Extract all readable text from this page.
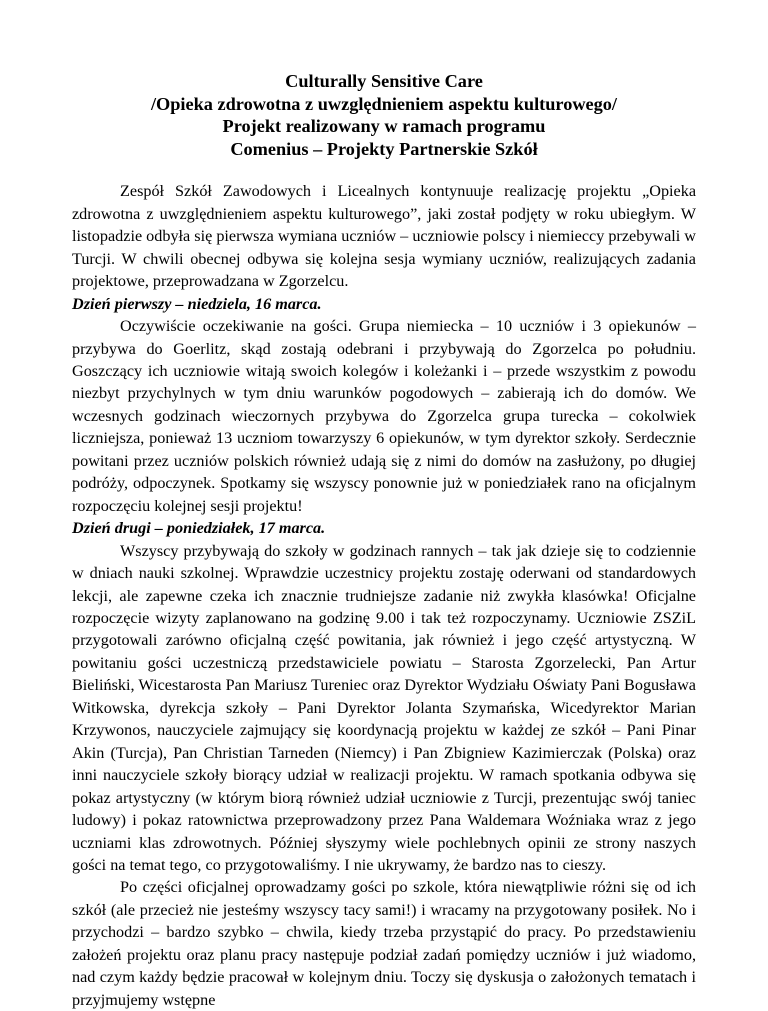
Culturally Sensitive Care
/Opieka zdrowotna z uwzględnieniem aspektu kulturowego/
Projekt realizowany w ramach programu
Comenius – Projekty Partnerskie Szkół

Zespół Szkół Zawodowych i Licealnych kontynuuje realizację projektu „Opieka zdrowotna z uwzględnieniem aspektu kulturowego”, jaki został podjęty w roku ubiegłym. W listopadzie odbyła się pierwsza wymiana uczniów – uczniowie polscy i niemieccy przebywali w Turcji. W chwili obecnej odbywa się kolejna sesja wymiany uczniów, realizujących zadania projektowe, przeprowadzana w Zgorzelcu.

Dzień pierwszy – niedziela, 16 marca.

Oczywiście oczekiwanie na gości. Grupa niemiecka – 10 uczniów i 3 opiekunów – przybywa do Goerlitz, skąd zostają odebrani i przybywają do Zgorzelca po południu. Goszczący ich uczniowie witają swoich kolegów i koleżanki i – przede wszystkim z powodu niezbyt przychylnych w tym dniu warunków pogodowych – zabierają ich do domów. We wczesnych godzinach wieczornych przybywa do Zgorzelca grupa turecka – cokolwiek liczniejsza, ponieważ 13 uczniom towarzyszy 6 opiekunów, w tym dyrektor szkoły. Serdecznie powitani przez uczniów polskich również udają się z nimi do domów na zasłużony, po długiej podróży, odpoczynek. Spotkamy się wszyscy ponownie już w poniedziałek rano na oficjalnym rozpoczęciu kolejnej sesji projektu!

Dzień drugi – poniedziałek, 17 marca.

Wszyscy przybywają do szkoły w godzinach rannych – tak jak dzieje się to codziennie w dniach nauki szkolnej. Wprawdzie uczestnicy projektu zostaję oderwani od standardowych lekcji, ale zapewne czeka ich znacznie trudniejsze zadanie niż zwykła klasówka! Oficjalne rozpoczęcie wizyty zaplanowano na godzinę 9.00 i tak też rozpoczynamy. Uczniowie ZSZiL przygotowali zarówno oficjalną część powitania, jak również i jego część artystyczną. W powitaniu gości uczestniczą przedstawiciele powiatu – Starosta Zgorzelecki, Pan Artur Bieliński, Wicestarosta Pan Mariusz Tureniec oraz Dyrektor Wydziału Oświaty Pani Bogusława Witkowska, dyrekcja szkoły – Pani Dyrektor Jolanta Szymańska, Wicedyrektor Marian Krzywonos, nauczyciele zajmujący się koordynacją projektu w każdej ze szkół – Pani Pinar Akin (Turcja), Pan Christian Tarneden (Niemcy) i Pan Zbigniew Kazimierczak (Polska) oraz inni nauczyciele szkoły biorący udział w realizacji projektu. W ramach spotkania odbywa się pokaz artystyczny (w którym biorą również udział uczniowie z Turcji, prezentując swój taniec ludowy) i pokaz ratownictwa przeprowadzony przez Pana Waldemara Woźniaka wraz z jego uczniami klas zdrowotnych. Później słyszymy wiele pochlebnych opinii ze strony naszych gości na temat tego, co przygotowaliśmy. I nie ukrywamy, że bardzo nas to cieszy.

Po części oficjalnej oprowadzamy gości po szkole, która niewątpliwie różni się od ich szkół (ale przecież nie jesteśmy wszyscy tacy sami!) i wracamy na przygotowany posiłek. No i przychodzi – bardzo szybko – chwila, kiedy trzeba przystąpić do pracy. Po przedstawieniu założeń projektu oraz planu pracy następuje podział zadań pomiędzy uczniów i już wiadomo, nad czym każdy będzie pracował w kolejnym dniu. Toczy się dyskusja o założonych tematach i przyjmujemy wstępne
